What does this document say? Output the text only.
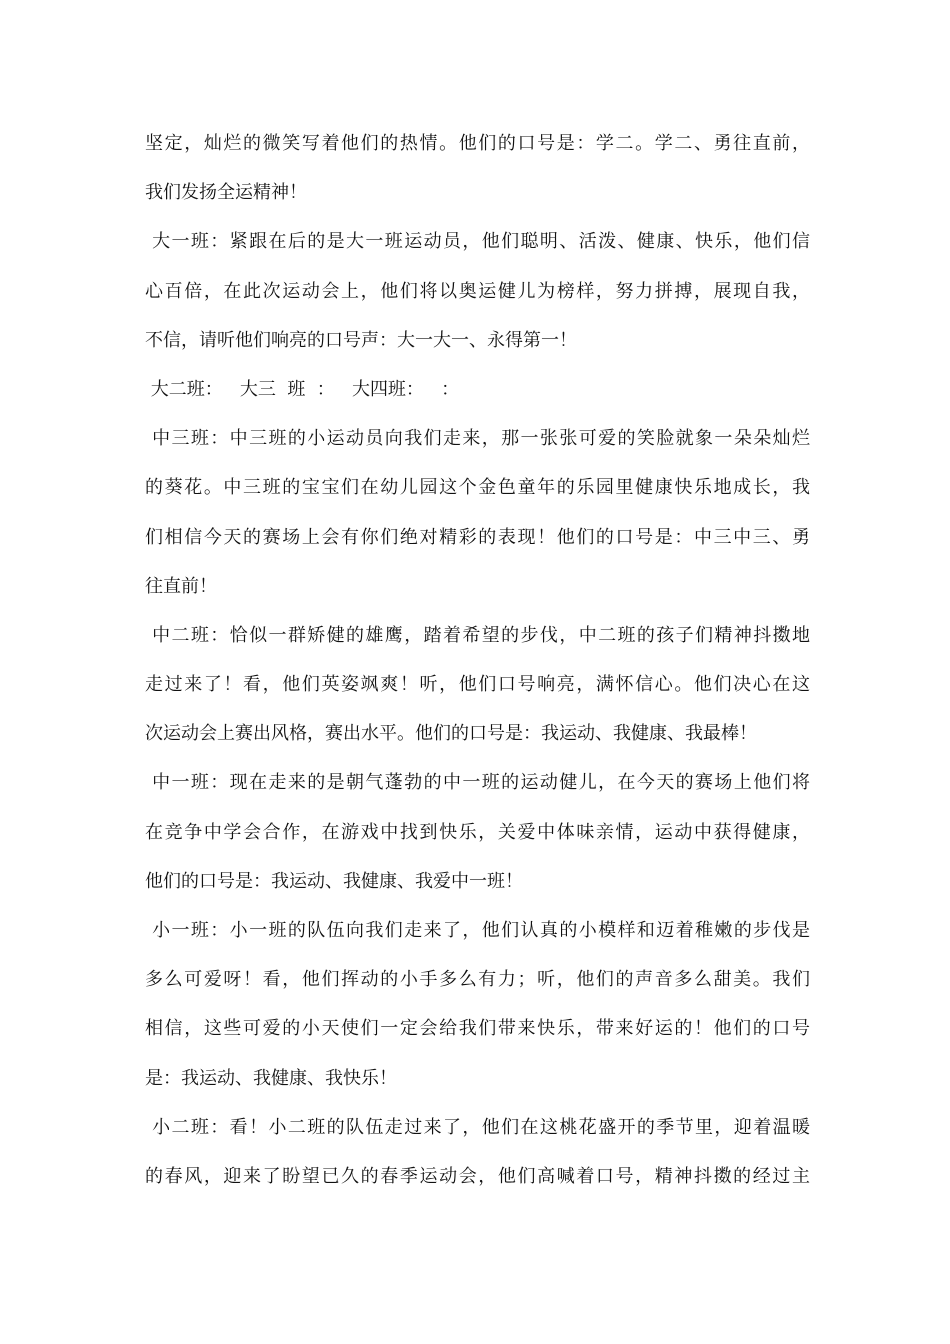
坚定，灿烂的微笑写着他们的热情。他们的口号是：学二。学二、勇往直前，
我们发扬全运精神！
大一班：紧跟在后的是大一班运动员，他们聪明、活泼、健康、快乐，他们信
心百倍，在此次运动会上，他们将以奥运健儿为榜样，努力拼搏，展现自我，
不信，请听他们响亮的口号声：大一大一、永得第一！
大二班：   大三  班  ：   大四班：   ：
中三班：中三班的小运动员向我们走来，那一张张可爱的笑脸就象一朵朵灿烂
的葵花。中三班的宝宝们在幼儿园这个金色童年的乐园里健康快乐地成长，我
们相信今天的赛场上会有你们绝对精彩的表现！他们的口号是：中三中三、勇
往直前！
中二班：恰似一群矫健的雄鹰，踏着希望的步伐，中二班的孩子们精神抖擞地
走过来了！看，他们英姿飒爽！听，他们口号响亮，满怀信心。他们决心在这
次运动会上赛出风格，赛出水平。他们的口号是：我运动、我健康、我最棒！
中一班：现在走来的是朝气蓬勃的中一班的运动健儿，在今天的赛场上他们将
在竞争中学会合作，在游戏中找到快乐，关爱中体味亲情，运动中获得健康，
他们的口号是：我运动、我健康、我爱中一班！
小一班：小一班的队伍向我们走来了，他们认真的小模样和迈着稚嫩的步伐是
多么可爱呀！看，他们挥动的小手多么有力；听，他们的声音多么甜美。我们
相信，这些可爱的小天使们一定会给我们带来快乐，带来好运的！他们的口号
是：我运动、我健康、我快乐！
小二班：看！小二班的队伍走过来了，他们在这桃花盛开的季节里，迎着温暖
的春风，迎来了盼望已久的春季运动会，他们高喊着口号，精神抖擞的经过主
